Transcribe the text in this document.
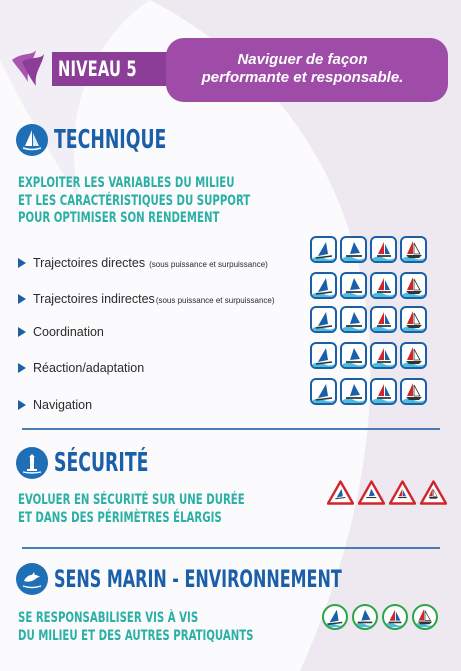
NIVEAU 5	Naviguer de façon
performante et responsable.
TECHNIQUE
EXPLOITER LES VARIABLES DU MILIEU
ET LES CARACTÉRISTIQUES DU SUPPORT
POUR OPTIMISER SON RENDEMENT
Trajectoires directes (sous puissance et surpuissance)
Trajectoires indirectes (sous puissance et surpuissance)
Coordination
Réaction/adaptation
Navigation
SÉCURITÉ
EVOLUER EN SÉCURITÉ SUR UNE DURÉE
ET DANS DES PÉRIMÈTRES ÉLARGIS
SENS MARIN - ENVIRONNEMENT
SE RESPONSABILISER VIS À VIS
DU MILIEU ET DES AUTRES PRATIQUANTS
